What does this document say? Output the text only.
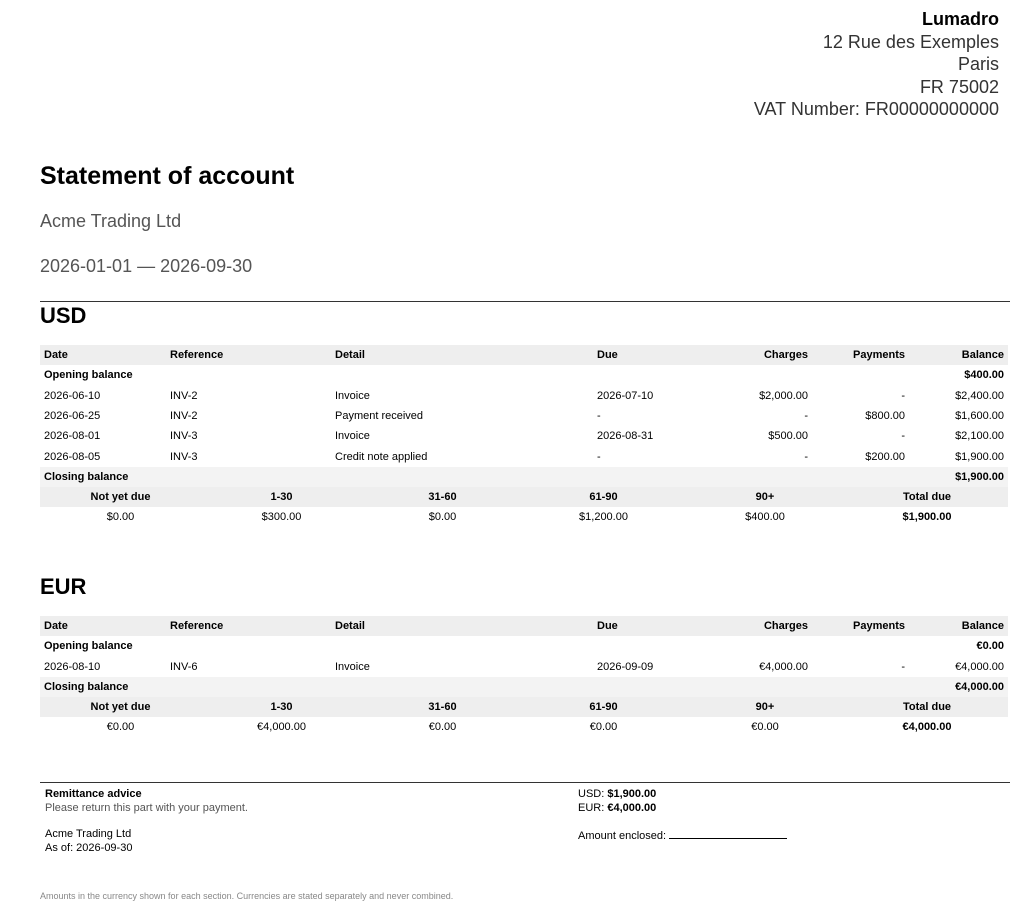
Lumadro
12 Rue des Exemples
Paris
FR 75002
VAT Number: FR00000000000
Statement of account
Acme Trading Ltd
2026-01-01 — 2026-09-30
USD
Date	Reference	Detail	Due	Charges	Payments	Balance
Opening balance						$400.00
2026-06-10	INV-2	Invoice	2026-07-10	$2,000.00	-	$2,400.00
2026-06-25	INV-2	Payment received	-	-	$800.00	$1,600.00
2026-08-01	INV-3	Invoice	2026-08-31	$500.00	-	$2,100.00
2026-08-05	INV-3	Credit note applied	-	-	$200.00	$1,900.00
Closing balance						$1,900.00
Not yet due	1-30	31-60	61-90	90+	Total due
$0.00	$300.00	$0.00	$1,200.00	$400.00	$1,900.00
EUR
Date	Reference	Detail	Due	Charges	Payments	Balance
Opening balance						€0.00
2026-08-10	INV-6	Invoice	2026-09-09	€4,000.00	-	€4,000.00
Closing balance						€4,000.00
Not yet due	1-30	31-60	61-90	90+	Total due
€0.00	€4,000.00	€0.00	€0.00	€0.00	€4,000.00
Remittance advice
Please return this part with your payment.
Acme Trading Ltd
As of: 2026-09-30
USD: $1,900.00
EUR: €4,000.00
Amount enclosed:
Amounts in the currency shown for each section. Currencies are stated separately and never combined.
